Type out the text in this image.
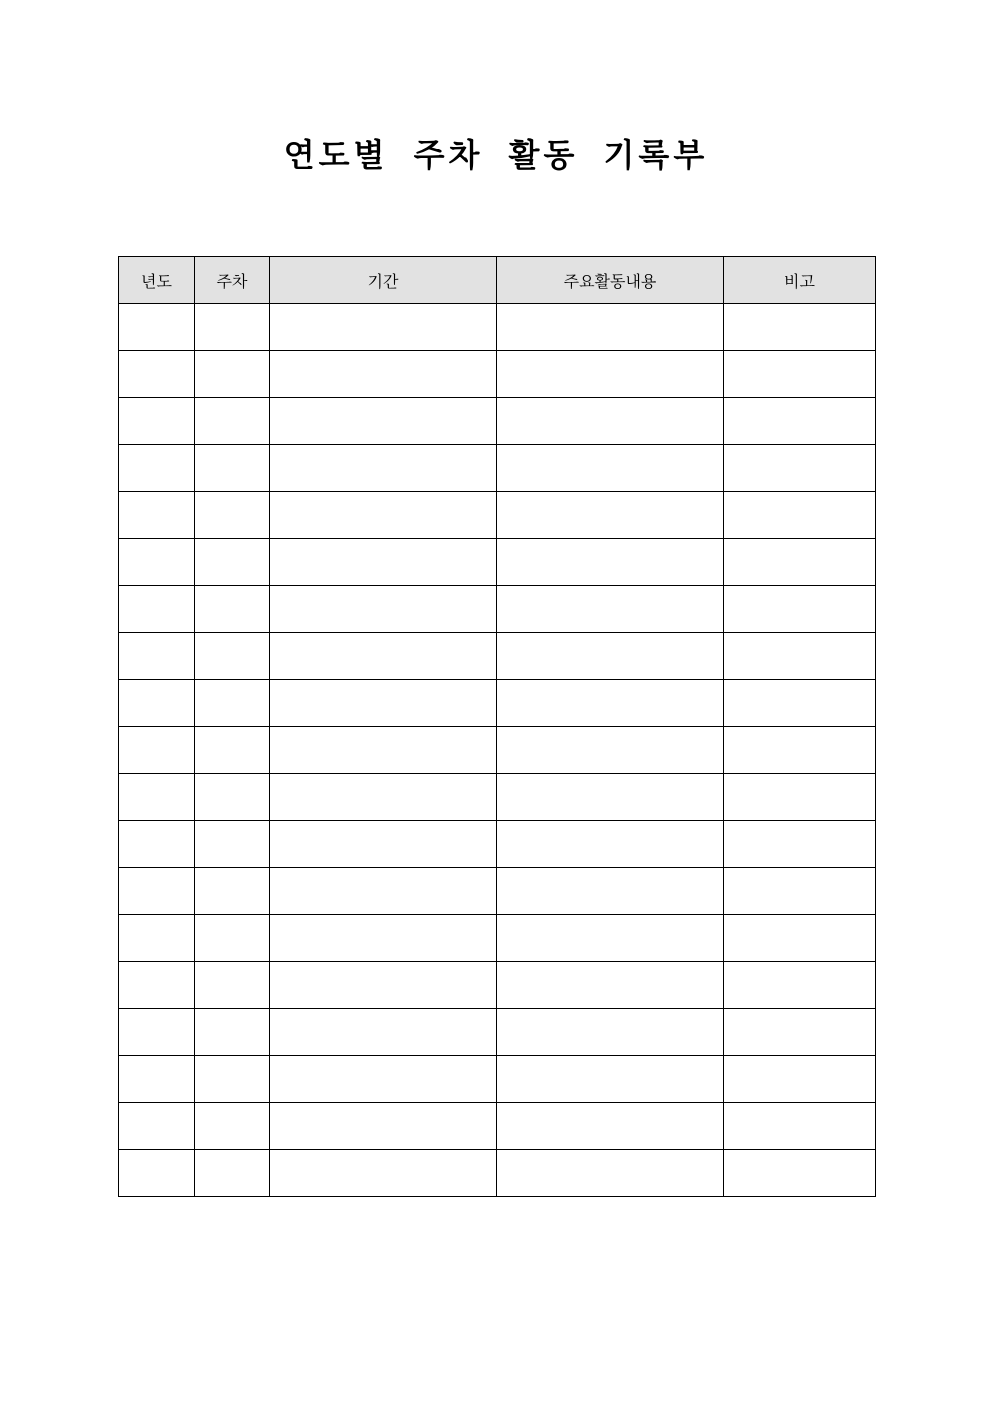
연도별 주차 활동 기록부
년도	주차	기간	주요활동내용	비고
